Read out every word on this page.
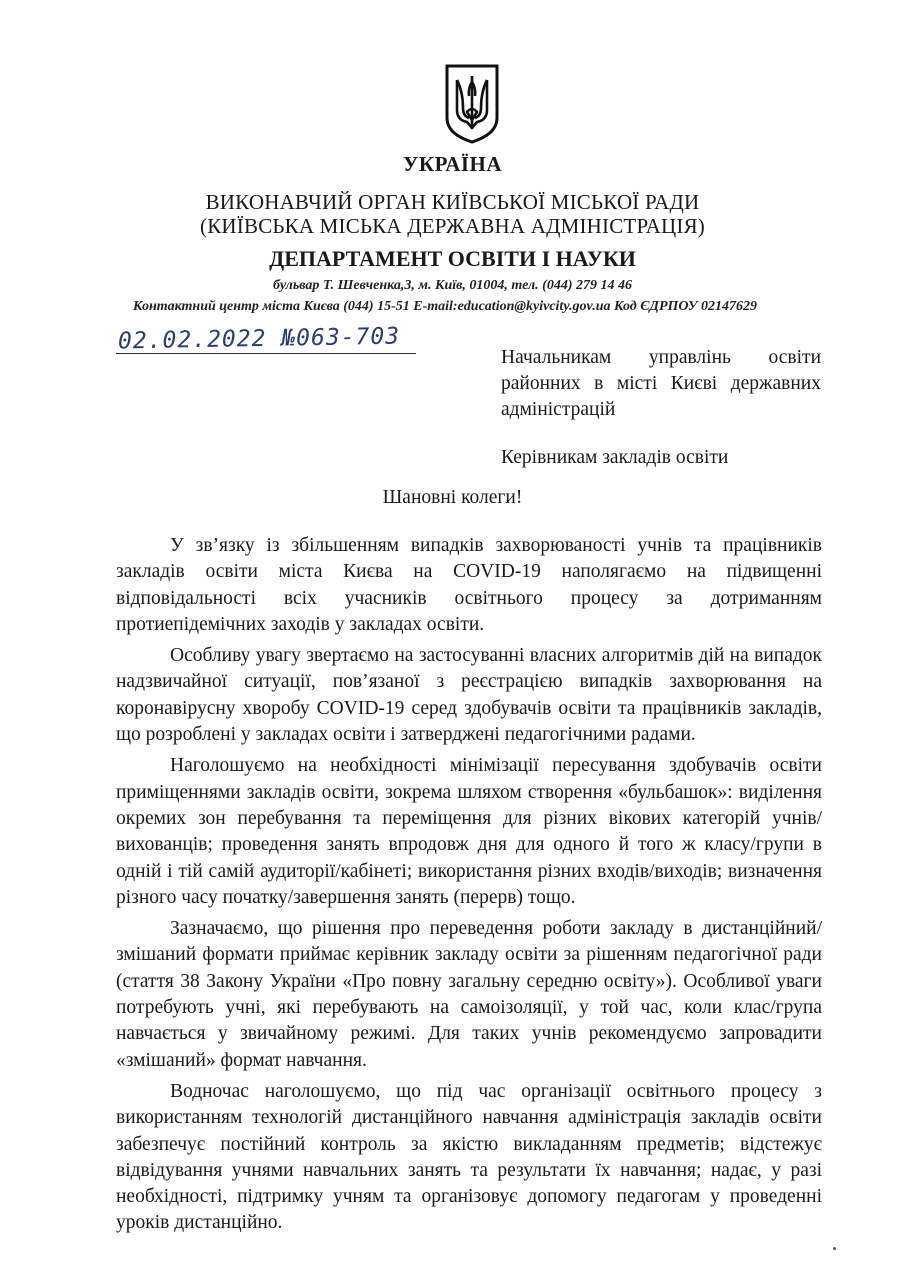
УКРАЇНА
ВИКОНАВЧИЙ ОРГАН КИЇВСЬКОЇ МІСЬКОЇ РАДИ
(КИЇВСЬКА МІСЬКА ДЕРЖАВНА АДМІНІСТРАЦІЯ)
ДЕПАРТАМЕНТ ОСВІТИ І НАУКИ
бульвар Т. Шевченка,3, м. Київ, 01004, тел. (044) 279 14 46
Контактний центр міста Києва (044) 15-51 E-mail:education@kyivcity.gov.ua Код ЄДРПОУ 02147629
02.02.2022 №063-703
Начальникам управлінь освіти районних в місті Києві державних адміністрацій
Керівникам закладів освіти
Шановні колеги!

У зв’язку із збільшенням випадків захворюваності учнів та працівників закладів освіти міста Києва на COVID-19 наполягаємо на підвищенні відповідальності всіх учасників освітнього процесу за дотриманням протиепідемічних заходів у закладах освіти.

Особливу увагу звертаємо на застосуванні власних алгоритмів дій на випадок надзвичайної ситуації, пов’язаної з реєстрацією випадків захворювання на коронавірусну хворобу COVID-19 серед здобувачів освіти та працівників закладів, що розроблені у закладах освіти і затверджені педагогічними радами.

Наголошуємо на необхідності мінімізації пересування здобувачів освіти приміщеннями закладів освіти, зокрема шляхом створення «бульбашок»: виділення окремих зон перебування та переміщення для різних вікових категорій учнів/вихованців; проведення занять впродовж дня для одного й того ж класу/групи в одній і тій самій аудиторії/кабінеті; використання різних входів/виходів; визначення різного часу початку/завершення занять (перерв) тощо.

Зазначаємо, що рішення про переведення роботи закладу в дистанційний/змішаний формати приймає керівник закладу освіти за рішенням педагогічної ради (стаття 38 Закону України «Про повну загальну середню освіту»). Особливої уваги потребують учні, які перебувають на самоізоляції, у той час, коли клас/група навчається у звичайному режимі. Для таких учнів рекомендуємо запровадити «змішаний» формат навчання.

Водночас наголошуємо, що під час організації освітнього процесу з використанням технологій дистанційного навчання адміністрація закладів освіти забезпечує постійний контроль за якістю викладанням предметів; відстежує відвідування учнями навчальних занять та результати їх навчання; надає, у разі необхідності, підтримку учням та організовує допомогу педагогам у проведенні уроків дистанційно.
